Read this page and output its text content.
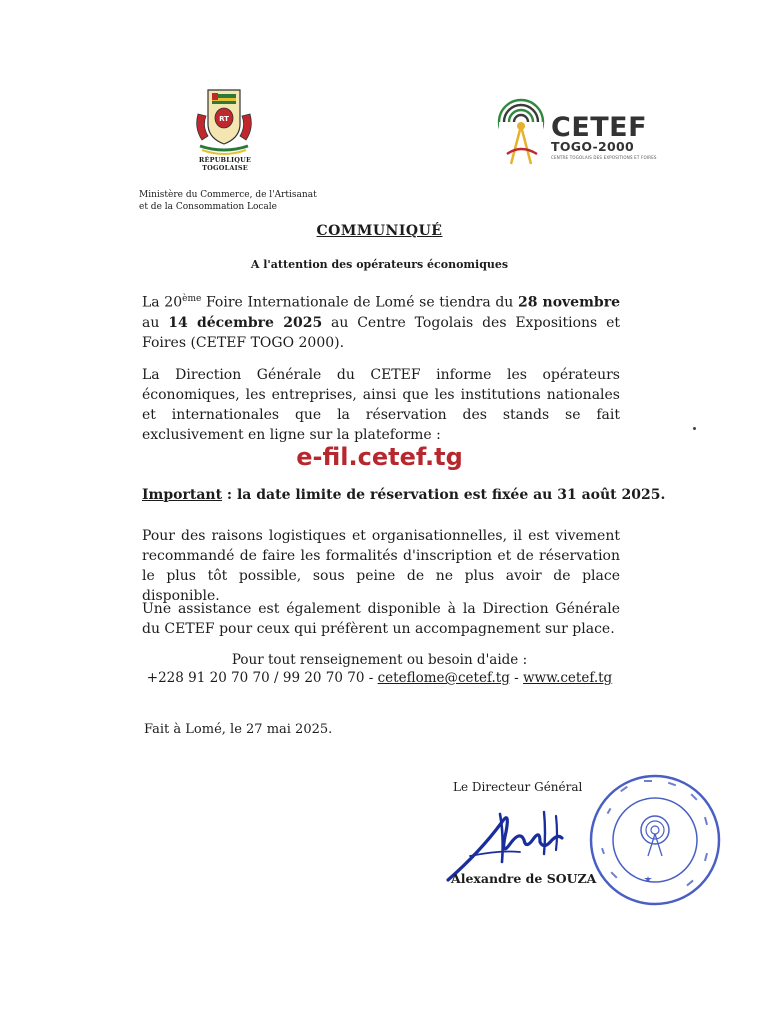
RT
RÉPUBLIQUE TOGOLAISE
Ministère du Commerce, de l'Artisanat
et de la Consommation Locale
CETEF
TOGO-2000
CENTRE TOGOLAIS DES EXPOSITIONS ET FOIRES
COMMUNIQUÉ
A l'attention des opérateurs économiques
La 20ème Foire Internationale de Lomé se tiendra du 28 novembre au 14 décembre 2025 au Centre Togolais des Expositions et Foires (CETEF TOGO 2000).
La Direction Générale du CETEF informe les opérateurs économiques, les entreprises, ainsi que les institutions nationales et internationales que la réservation des stands se fait exclusivement en ligne sur la plateforme :
e-fil.cetef.tg
Important : la date limite de réservation est fixée au 31 août 2025.
Pour des raisons logistiques et organisationnelles, il est vivement recommandé de faire les formalités d'inscription et de réservation le plus tôt possible, sous peine de ne plus avoir de place disponible.
Une assistance est également disponible à la Direction Générale du CETEF pour ceux qui préfèrent un accompagnement sur place.
Pour tout renseignement ou besoin d'aide :
+228 91 20 70 70 / 99 20 70 70 - ceteflome@cetef.tg - www.cetef.tg
Fait à Lomé, le 27 mai 2025.
Le Directeur Général
Alexandre de SOUZA
